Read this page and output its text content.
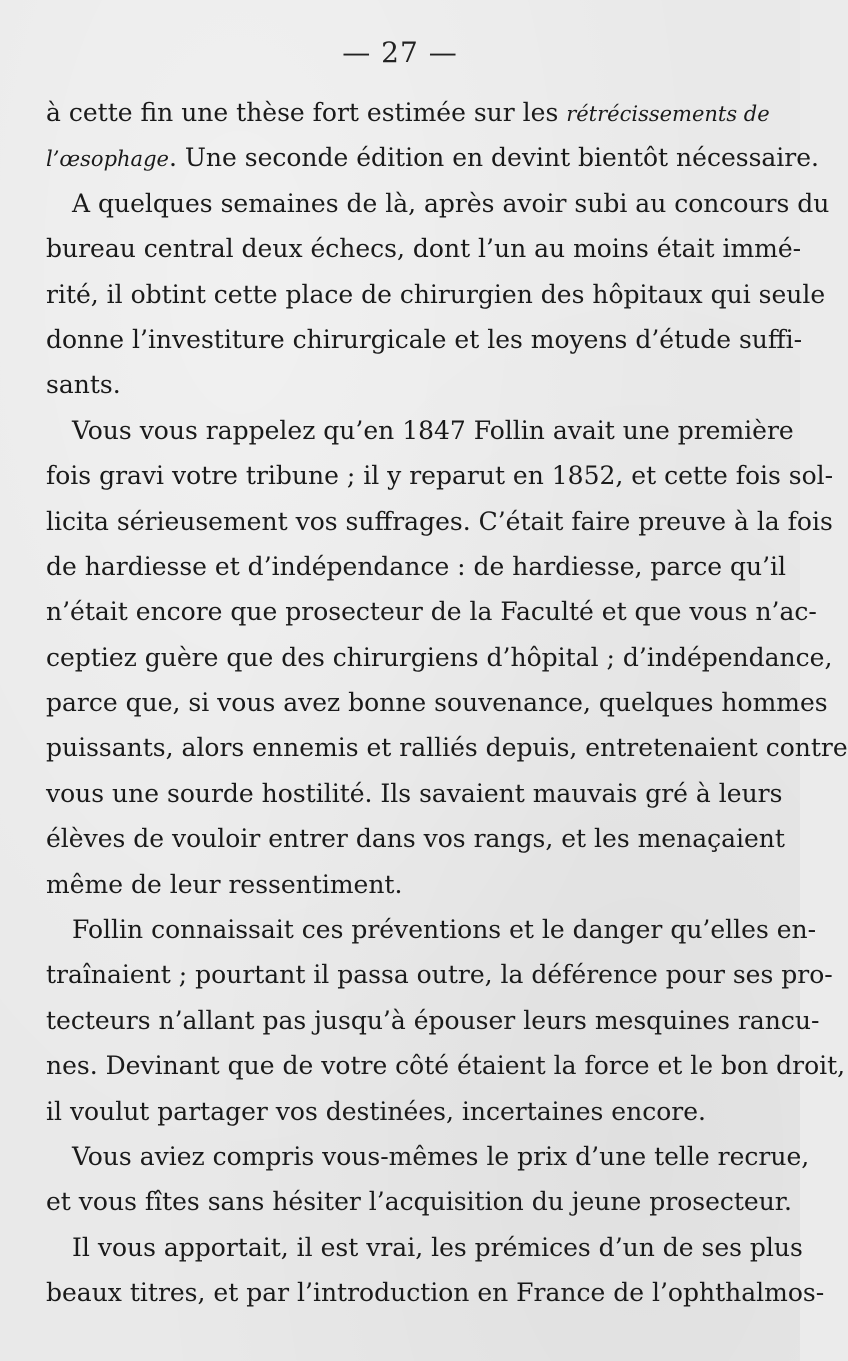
— 27 —
à cette fin une thèse fort estimée sur les rétrécissements de
l’œsophage. Une seconde édition en devint bientôt nécessaire.
A quelques semaines de là, après avoir subi au concours du
bureau central deux échecs, dont l’un au moins était immé-
rité, il obtint cette place de chirurgien des hôpitaux qui seule
donne l’investiture chirurgicale et les moyens d’étude suffi-
sants.
Vous vous rappelez qu’en 1847 Follin avait une première
fois gravi votre tribune ; il y reparut en 1852, et cette fois sol-
licita sérieusement vos suffrages. C’était faire preuve à la fois
de hardiesse et d’indépendance : de hardiesse, parce qu’il
n’était encore que prosecteur de la Faculté et que vous n’ac-
ceptiez guère que des chirurgiens d’hôpital ; d’indépendance,
parce que, si vous avez bonne souvenance, quelques hommes
puissants, alors ennemis et ralliés depuis, entretenaient contre
vous une sourde hostilité. Ils savaient mauvais gré à leurs
élèves de vouloir entrer dans vos rangs, et les menaçaient
même de leur ressentiment.
Follin connaissait ces préventions et le danger qu’elles en-
traînaient ; pourtant il passa outre, la déférence pour ses pro-
tecteurs n’allant pas jusqu’à épouser leurs mesquines rancu-
nes. Devinant que de votre côté étaient la force et le bon droit,
il voulut partager vos destinées, incertaines encore.
Vous aviez compris vous-mêmes le prix d’une telle recrue,
et vous fîtes sans hésiter l’acquisition du jeune prosecteur.
Il vous apportait, il est vrai, les prémices d’un de ses plus
beaux titres, et par l’introduction en France de l’ophthalmos-
